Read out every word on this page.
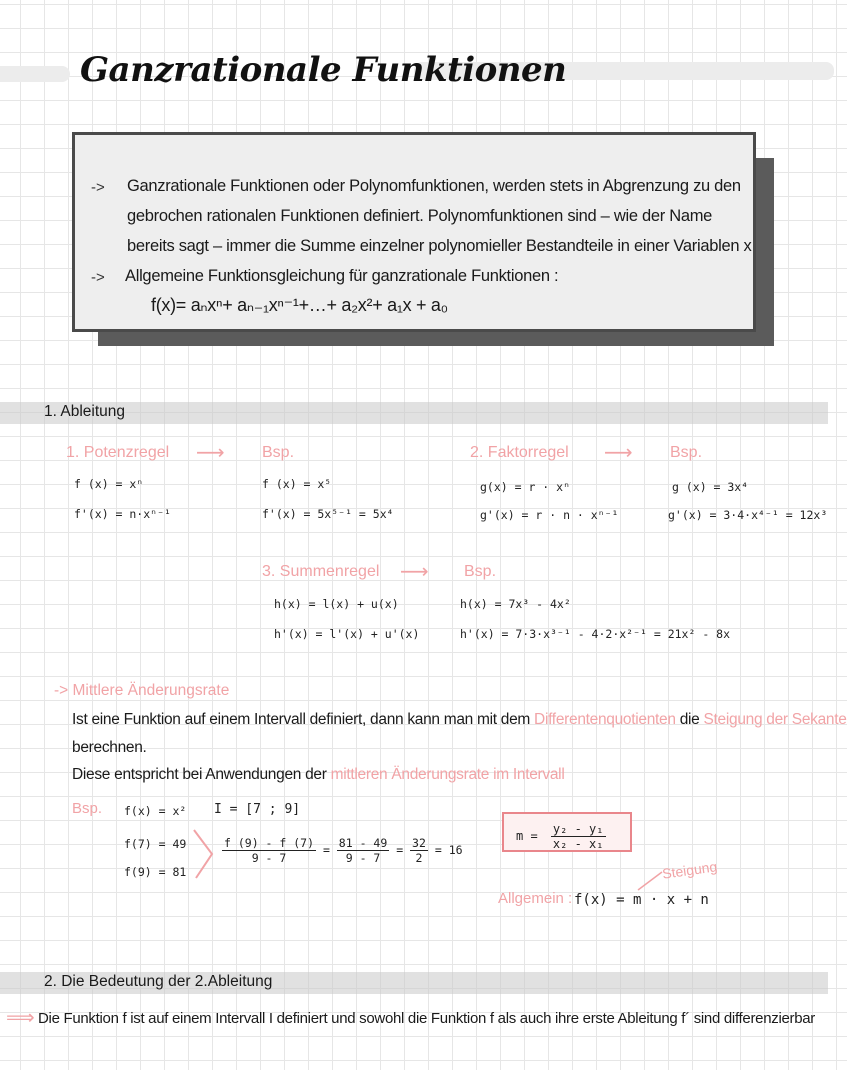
Ganzrationale Funktionen
-> Ganzrationale Funktionen oder Polynomfunktionen, werden stets in Abgrenzung zu den
gebrochen rationalen Funktionen definiert. Polynomfunktionen sind – wie der Name
bereits sagt – immer die Summe einzelner polynomieller Bestandteile in einer Variablen x
-> Allgemeine Funktionsgleichung für ganzrationale Funktionen :
f(x)= aₙxⁿ+ aₙ₋₁xⁿ⁻¹+…+ a₂x²+ a₁x + a₀
1. Ableitung
1. Potenzregel ⟶ Bsp.
f (x) = xⁿ
f'(x) = n·xⁿ⁻¹
f (x) = x⁵
f'(x) = 5x⁵⁻¹ = 5x⁴
2. Faktorregel ⟶ Bsp.
g(x) = r · xⁿ
g'(x) = r · n · xⁿ⁻¹
g (x) = 3x⁴
g'(x) = 3·4·x⁴⁻¹ = 12x³
3. Summenregel ⟶ Bsp.
h(x) = l(x) + u(x)
h'(x) = l'(x) + u'(x)
h(x) = 7x³ - 4x²
h'(x) = 7·3·x³⁻¹ - 4·2·x²⁻¹ = 21x² - 8x
-> Mittlere Änderungsrate
Ist eine Funktion auf einem Intervall definiert, dann kann man mit dem Differentenquotienten die Steigung der Sekante
berechnen.
Diese entspricht bei Anwendungen der mittleren Änderungsrate im Intervall
Bsp. f(x) = x² I = [7 ; 9]
f(7) = 49
f(9) = 81
$\frac{f (9) - f (7)}{9 - 7} = \frac{81 - 49}{9 - 7} = \frac{32}{2} = 16$
$m = \frac{\text{y₂ - y₁}}{\text{x₂ - x₁}}$
Allgemein : f(x) = m · x + n
Steigung
2. Die Bedeutung der 2.Ableitung
⟹ Die Funktion f ist auf einem Intervall I definiert und sowohl die Funktion f als auch ihre erste Ableitung f´ sind differenzierbar
